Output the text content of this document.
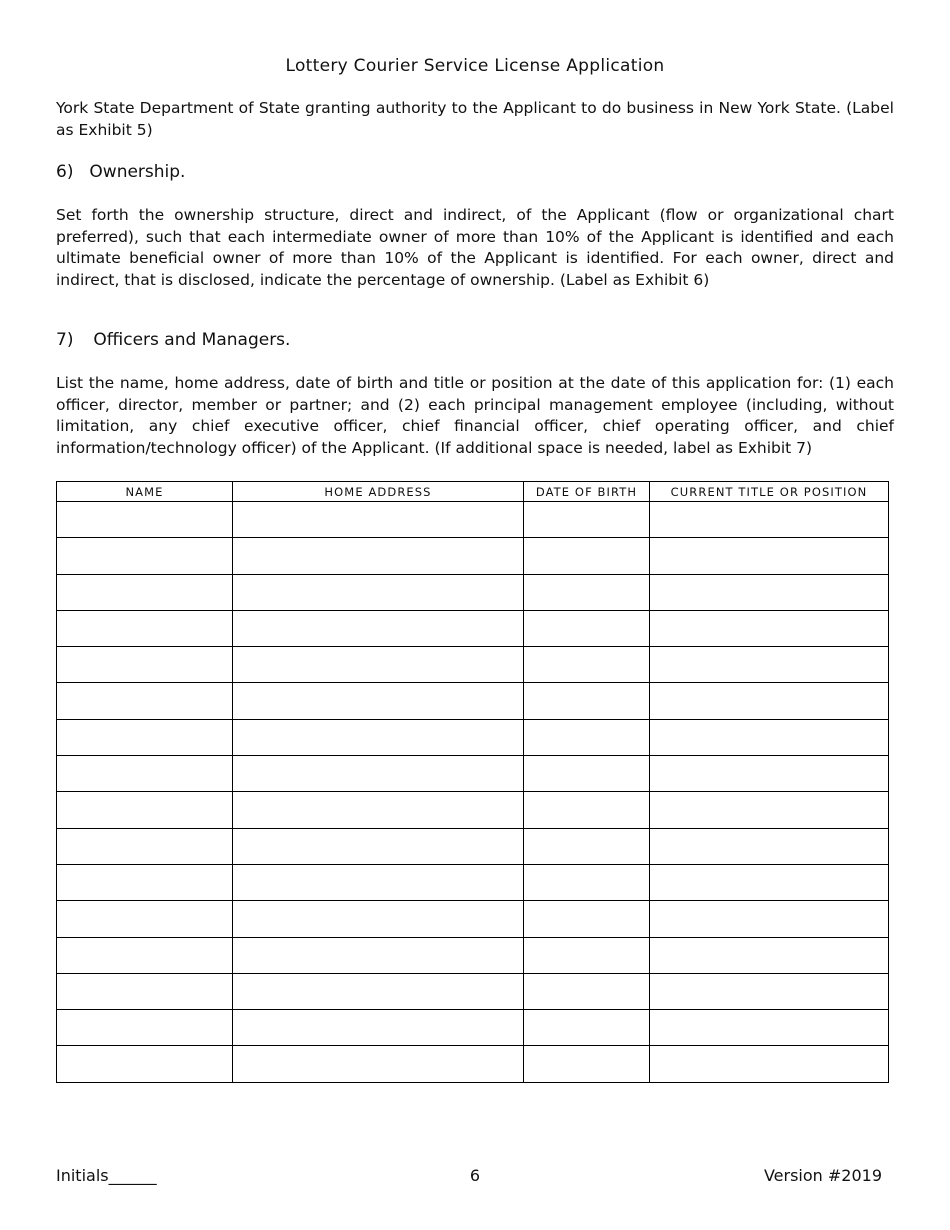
Lottery Courier Service License Application

York State Department of State granting authority to the Applicant to do business in New York State. (Label as Exhibit 5)

6) Ownership.

Set forth the ownership structure, direct and indirect, of the Applicant (flow or organizational chart preferred), such that each intermediate owner of more than 10% of the Applicant is identified and each ultimate beneficial owner of more than 10% of the Applicant is identified. For each owner, direct and indirect, that is disclosed, indicate the percentage of ownership. (Label as Exhibit 6)

7) Officers and Managers.

List the name, home address, date of birth and title or position at the date of this application for: (1) each officer, director, member or partner; and (2) each principal management employee (including, without limitation, any chief executive officer, chief financial officer, chief operating officer, and chief information/technology officer) of the Applicant. (If additional space is needed, label as Exhibit 7)

NAME	HOME ADDRESS	DATE OF BIRTH	CURRENT TITLE OR POSITION

Initials______	6	Version #2019
